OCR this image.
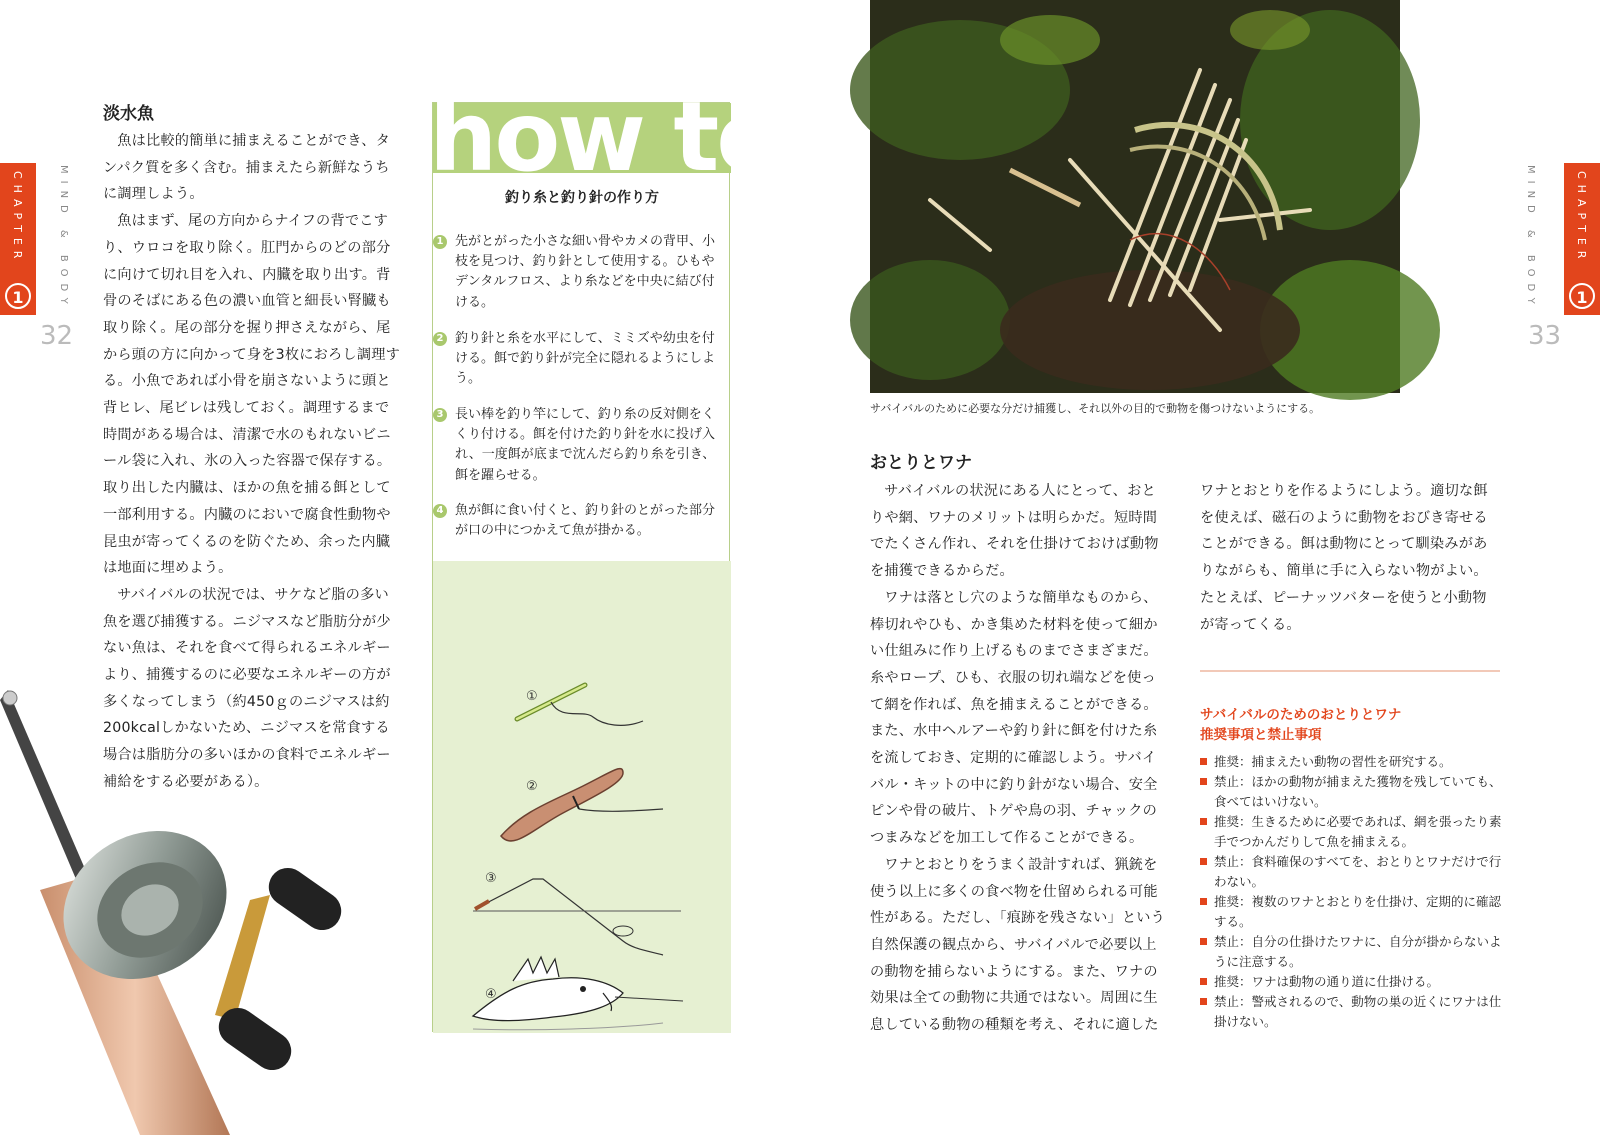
CHAPTER
1	MIND & BODY
32
淡水魚

魚は比較的簡単に捕まえることができ、タンパク質を多く含む。捕まえたら新鮮なうちに調理しよう。

魚はまず、尾の方向からナイフの背でこすり、ウロコを取り除く。肛門からのどの部分に向けて切れ目を入れ、内臓を取り出す。背骨のそばにある色の濃い血管と細長い腎臓も取り除く。尾の部分を握り押さえながら、尾から頭の方に向かって身を3枚におろし調理する。小魚であれば小骨を崩さないように頭と背ヒレ、尾ビレは残しておく。調理するまで時間がある場合は、清潔で水のもれないビニール袋に入れ、氷の入った容器で保存する。取り出した内臓は、ほかの魚を捕る餌として一部利用する。内臓のにおいで腐食性動物や昆虫が寄ってくるのを防ぐため、余った内臓は地面に埋めよう。

サバイバルの状況では、サケなど脂の多い魚を選び捕獲する。ニジマスなど脂肪分が少ない魚は、それを食べて得られるエネルギーより、捕獲するのに必要なエネルギーの方が多くなってしまう（約450ｇのニジマスは約200kcalしかないため、ニジマスを常食する場合は脂肪分の多いほかの食料でエネルギー補給をする必要がある）。

how to
釣り糸と釣り針の作り方
1 先がとがった小さな細い骨やカメの背甲、小枝を見つけ、釣り針として使用する。ひもやデンタルフロス、より糸などを中央に結び付ける。
2 釣り針と糸を水平にして、ミミズや幼虫を付ける。餌で釣り針が完全に隠れるようにしよう。
3 長い棒を釣り竿にして、釣り糸の反対側をくくり付ける。餌を付けた釣り針を水に投げ入れ、一度餌が底まで沈んだら釣り糸を引き、餌を躍らせる。
4 魚が餌に食い付くと、釣り針のとがった部分が口の中につかえて魚が掛かる。
①
②
③
④
サバイバルのために必要な分だけ捕獲し、それ以外の目的で動物を傷つけないようにする。
CHAPTER
1
MIND & BODY
33
おとりとワナ

サバイバルの状況にある人にとって、おとりや網、ワナのメリットは明らかだ。短時間でたくさん作れ、それを仕掛けておけば動物を捕獲できるからだ。

ワナは落とし穴のような簡単なものから、棒切れやひも、かき集めた材料を使って細かい仕組みに作り上げるものまでさまざまだ。糸やロープ、ひも、衣服の切れ端などを使って網を作れば、魚を捕まえることができる。また、水中ヘルアーや釣り針に餌を付けた糸を流しておき、定期的に確認しよう。サバイバル・キットの中に釣り針がない場合、安全ピンや骨の破片、トゲや鳥の羽、チャックのつまみなどを加工して作ることができる。

ワナとおとりをうまく設計すれば、猟銃を使う以上に多くの食べ物を仕留められる可能性がある。ただし、「痕跡を残さない」という自然保護の観点から、サバイバルで必要以上の動物を捕らないようにする。また、ワナの効果は全ての動物に共通ではない。周囲に生息している動物の種類を考え、それに適した

ワナとおとりを作るようにしよう。適切な餌を使えば、磁石のように動物をおびき寄せることができる。餌は動物にとって馴染みがありながらも、簡単に手に入らない物がよい。たとえば、ピーナッツバターを使うと小動物が寄ってくる。

サバイバルのためのおとりとワナ
推奨事項と禁止事項
推奨：捕まえたい動物の習性を研究する。
禁止：ほかの動物が捕まえた獲物を残していても、食べてはいけない。
推奨：生きるために必要であれば、網を張ったり素手でつかんだりして魚を捕まえる。
禁止：食料確保のすべてを、おとりとワナだけで行わない。
推奨：複数のワナとおとりを仕掛け、定期的に確認する。
禁止：自分の仕掛けたワナに、自分が掛からないように注意する。
推奨：ワナは動物の通り道に仕掛ける。
禁止：警戒されるので、動物の巣の近くにワナは仕掛けない。
